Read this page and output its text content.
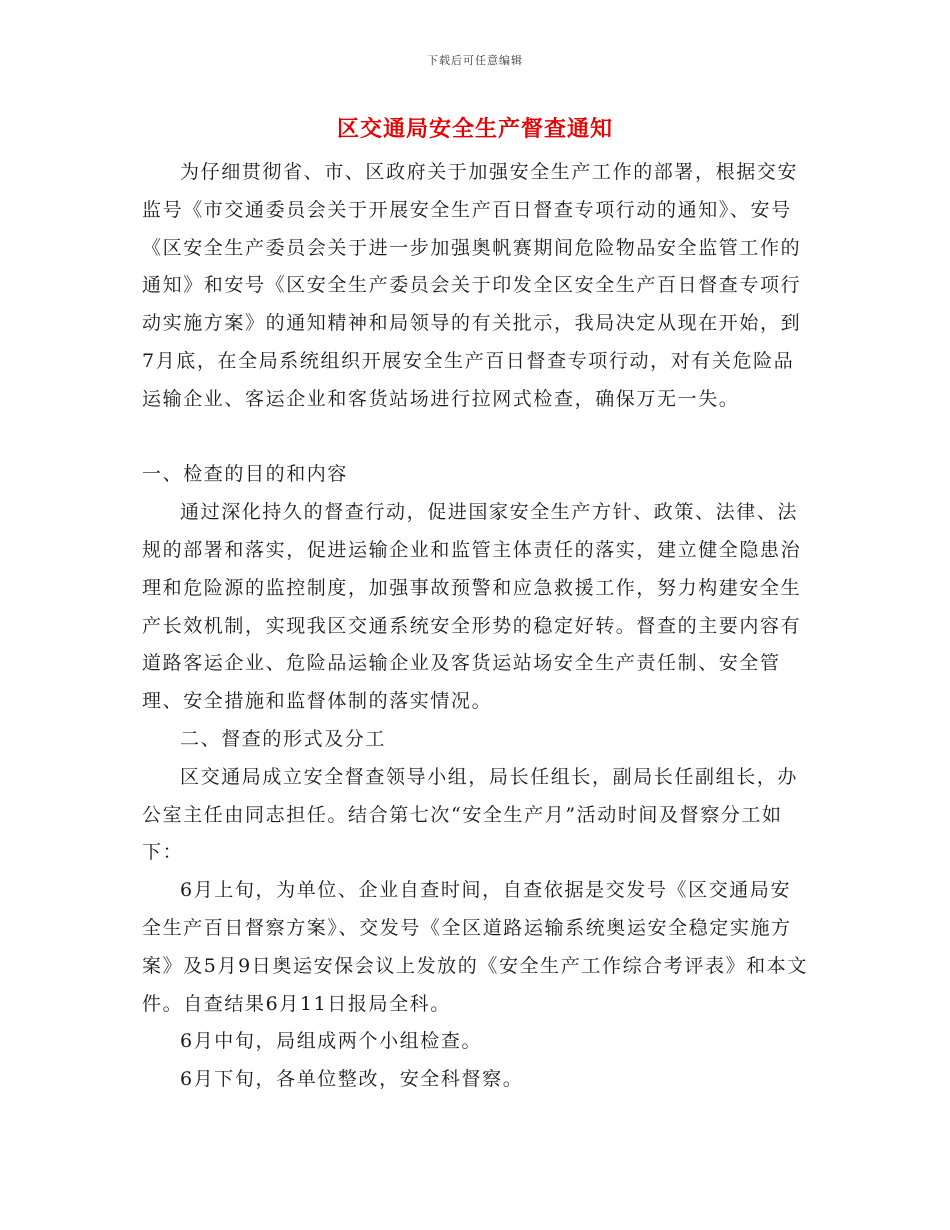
下载后可任意编辑
区交通局安全生产督查通知

为仔细贯彻省、市、区政府关于加强安全生产工作的部署，根据交安监号《市交通委员会关于开展安全生产百日督查专项行动的通知》、安号《区安全生产委员会关于进一步加强奥帆赛期间危险物品安全监管工作的通知》和安号《区安全生产委员会关于印发全区安全生产百日督查专项行动实施方案》的通知精神和局领导的有关批示，我局决定从现在开始，到7月底，在全局系统组织开展安全生产百日督查专项行动，对有关危险品运输企业、客运企业和客货站场进行拉网式检查，确保万无一失。

一、检查的目的和内容

通过深化持久的督查行动，促进国家安全生产方针、政策、法律、法规的部署和落实，促进运输企业和监管主体责任的落实，建立健全隐患治理和危险源的监控制度，加强事故预警和应急救援工作，努力构建安全生产长效机制，实现我区交通系统安全形势的稳定好转。督查的主要内容有道路客运企业、危险品运输企业及客货运站场安全生产责任制、安全管理、安全措施和监督体制的落实情况。

二、督查的形式及分工

区交通局成立安全督查领导小组，局长任组长，副局长任副组长，办公室主任由同志担任。结合第七次“安全生产月”活动时间及督察分工如下：

6月上旬，为单位、企业自查时间，自查依据是交发号《区交通局安全生产百日督察方案》、交发号《全区道路运输系统奥运安全稳定实施方案》及5月9日奥运安保会议上发放的《安全生产工作综合考评表》和本文件。自查结果6月11日报局全科。

6月中旬，局组成两个小组检查。

6月下旬，各单位整改，安全科督察。
